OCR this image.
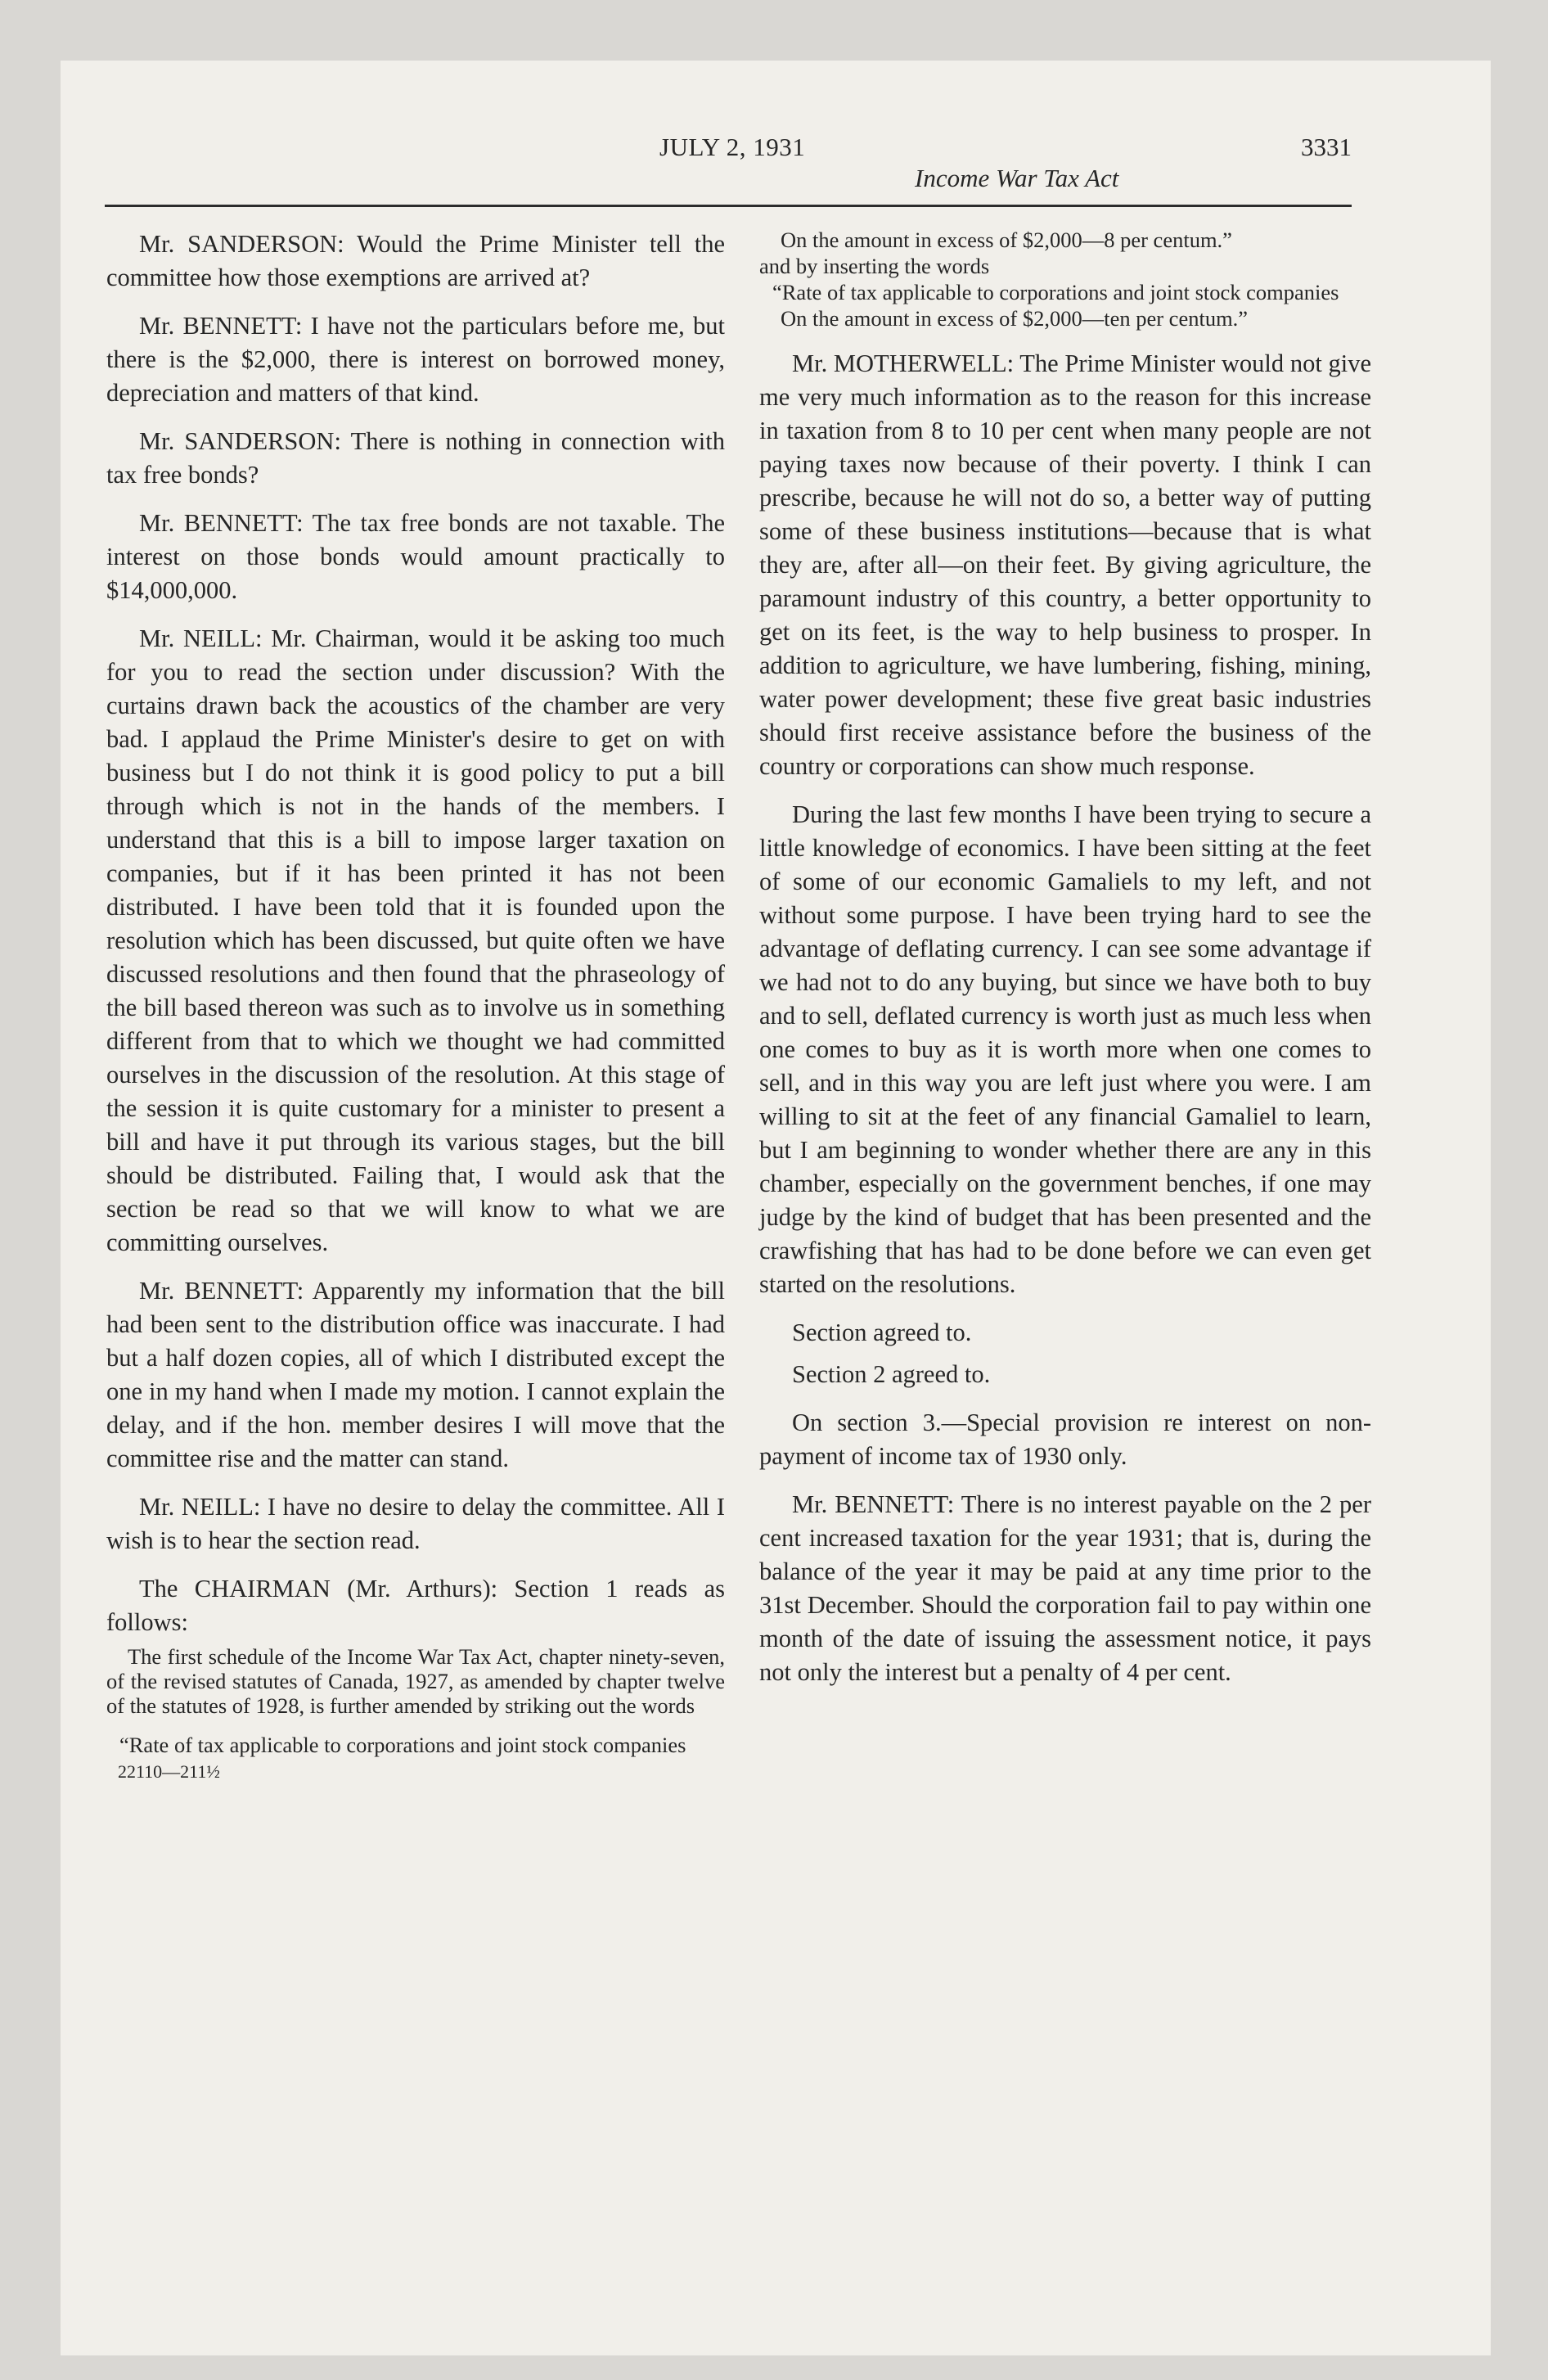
JULY 2, 1931
Income War Tax Act
3331

Mr. SANDERSON: Would the Prime Minister tell the committee how those exemptions are arrived at?

Mr. BENNETT: I have not the particulars before me, but there is the $2,000, there is interest on borrowed money, depreciation and matters of that kind.

Mr. SANDERSON: There is nothing in connection with tax free bonds?

Mr. BENNETT: The tax free bonds are not taxable. The interest on those bonds would amount practically to $14,000,000.

Mr. NEILL: Mr. Chairman, would it be asking too much for you to read the section under discussion? With the curtains drawn back the acoustics of the chamber are very bad. I applaud the Prime Minister's desire to get on with business but I do not think it is good policy to put a bill through which is not in the hands of the members. I understand that this is a bill to impose larger taxation on companies, but if it has been printed it has not been distributed. I have been told that it is founded upon the resolution which has been discussed, but quite often we have discussed resolutions and then found that the phraseology of the bill based thereon was such as to involve us in something different from that to which we thought we had committed ourselves in the discussion of the resolution. At this stage of the session it is quite customary for a minister to present a bill and have it put through its various stages, but the bill should be distributed. Failing that, I would ask that the section be read so that we will know to what we are committing ourselves.

Mr. BENNETT: Apparently my information that the bill had been sent to the distribution office was inaccurate. I had but a half dozen copies, all of which I distributed except the one in my hand when I made my motion. I cannot explain the delay, and if the hon. member desires I will move that the committee rise and the matter can stand.

Mr. NEILL: I have no desire to delay the committee. All I wish is to hear the section read.

The CHAIRMAN (Mr. Arthurs): Section 1 reads as follows:

The first schedule of the Income War Tax Act, chapter ninety-seven, of the revised statutes of Canada, 1927, as amended by chapter twelve of the statutes of 1928, is further amended by striking out the words

“Rate of tax applicable to corporations and joint stock companies

22110—211½

On the amount in excess of $2,000—8 per centum.”

and by inserting the words

“Rate of tax applicable to corporations and joint stock companies

On the amount in excess of $2,000—ten per centum.”

Mr. MOTHERWELL: The Prime Minister would not give me very much information as to the reason for this increase in taxation from 8 to 10 per cent when many people are not paying taxes now because of their poverty. I think I can prescribe, because he will not do so, a better way of putting some of these business institutions—because that is what they are, after all—on their feet. By giving agriculture, the paramount industry of this country, a better opportunity to get on its feet, is the way to help business to prosper. In addition to agriculture, we have lumbering, fishing, mining, water power development; these five great basic industries should first receive assistance before the business of the country or corporations can show much response.

During the last few months I have been trying to secure a little knowledge of economics. I have been sitting at the feet of some of our economic Gamaliels to my left, and not without some purpose. I have been trying hard to see the advantage of deflating currency. I can see some advantage if we had not to do any buying, but since we have both to buy and to sell, deflated currency is worth just as much less when one comes to buy as it is worth more when one comes to sell, and in this way you are left just where you were. I am willing to sit at the feet of any financial Gamaliel to learn, but I am beginning to wonder whether there are any in this chamber, especially on the government benches, if one may judge by the kind of budget that has been presented and the crawfishing that has had to be done before we can even get started on the resolutions.

Section agreed to.

Section 2 agreed to.

On section 3.—Special provision re interest on non-payment of income tax of 1930 only.

Mr. BENNETT: There is no interest payable on the 2 per cent increased taxation for the year 1931; that is, during the balance of the year it may be paid at any time prior to the 31st December. Should the corporation fail to pay within one month of the date of issuing the assessment notice, it pays not only the interest but a penalty of 4 per cent.
